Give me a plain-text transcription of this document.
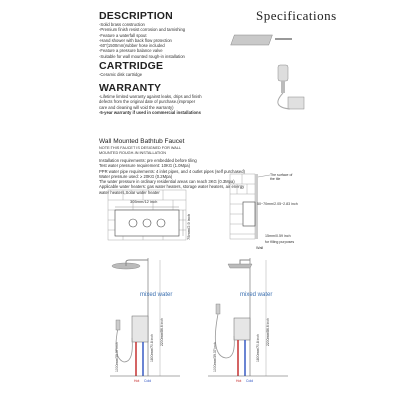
Specifications
DESCRIPTION
-Solid brass construction
-Premium finish resist corrosion and tarnishing
-Feature a waterfall spout
-Hand shower with back flow protection
-60"(1500mm)rubber hose included
-Feature a pressure balance valve
-Suitable for wall mounted rough-in installation
CARTRIDGE
-Ceramic disk cartridge
WARRANTY
-Lifetime limited warranty against leaks, drips and finish
defects from the original date of purchase.(improper
care and cleaning will void the warranty)
-5-year warranty if used in commercial installations
Wall Mounted Bathtub Faucet
NOTE:THIS FAUCET IS DESIGNED FOR WALL
MOUNTED ROUGH-IN INSTALLATION
Installation requirements: pre embedded before tiling
Test water pressure requirement: 10KG (1.0Mpa)
PPR water pipe requirements: 4 inlet pipes, and 4 outlet pipes (self purchased)
Water pressure used: ≥ 20KG (0.2Mpa)
The water pressure in ordinary residential areas can reach 3KG (0.3Mpa)
Applicable water heaters: gas water heaters, storage water heaters, air energy
water heaters,Solar water heater
305mm/12 inch
75mm/2.9 inch
The surface of the tile
50~70mm/2.05~2.83 inch
15mm/0.59 inch
for filling purposes
Wall
mixed water
2200mm/86.6 inch
1800mm/70.8 inch
1000mm/39.37 inch
Hot Cold
mixed water
2200mm/86.6 inch
1800mm/70.8 inch
1000mm/39.37 inch
Hot Cold
